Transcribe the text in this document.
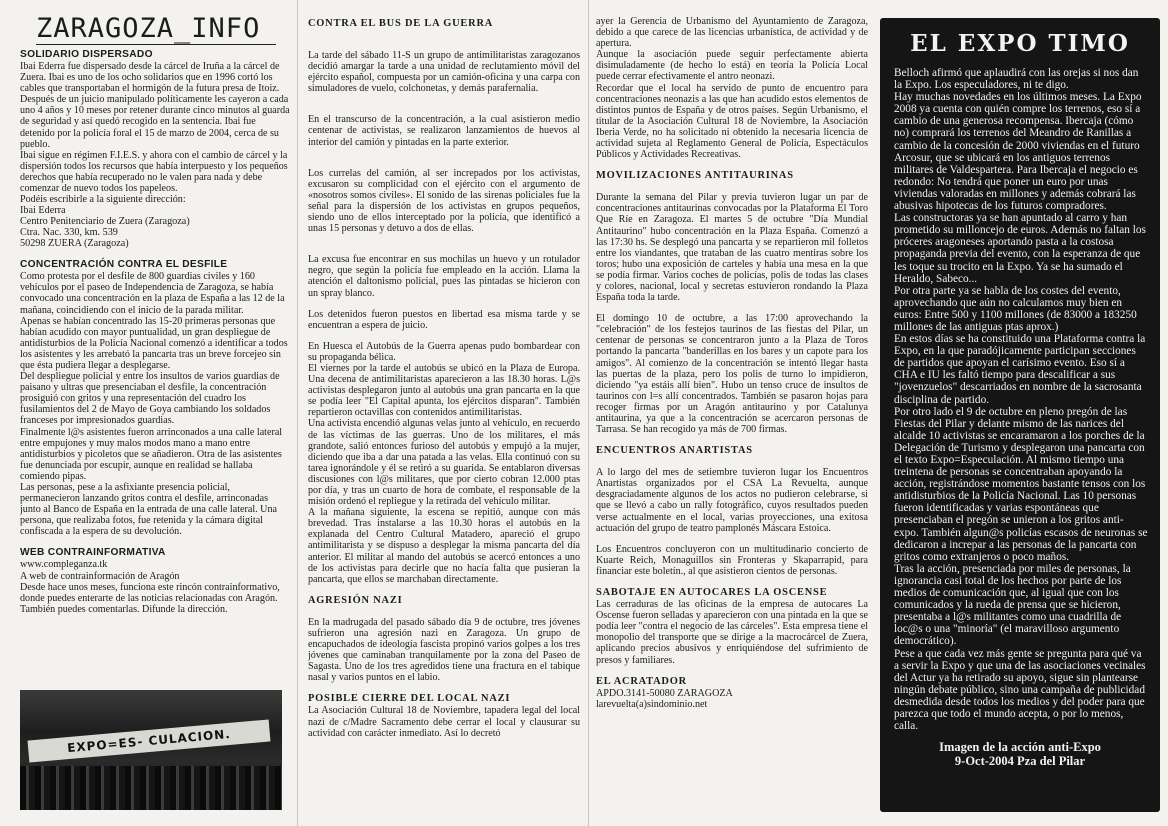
ZARAGOZA_INFO

SOLIDARIO DISPERSADO

Ibai Ederra fue dispersado desde la cárcel de Iruña a la cárcel de Zuera. Ibai es uno de los ocho solidarios que en 1996 cortó los cables que transportaban el hormigón de la futura presa de Itoiz.

Después de un juicio manipulado políticamente les cayeron a cada uno 4 años y 10 meses por retener durante cinco minutos al guarda de seguridad y así quedó recogido en la sentencia. Ibai fue detenido por la policía foral el 15 de marzo de 2004, cerca de su pueblo.

Ibai sigue en régimen F.I.E.S. y ahora con el cambio de cárcel y la dispersión todos los recursos que había interpuesto y los pequeños derechos que había recuperado no le valen para nada y debe comenzar de nuevo todos los papeleos.

Podéis escribirle a la siguiente dirección:

Ibai Ederra

Centro Penitenciario de Zuera (Zaragoza)

Ctra. Nac. 330, km. 539

50298 ZUERA (Zaragoza)

CONCENTRACIÓN CONTRA EL DESFILE

Como protesta por el desfile de 800 guardias civiles y 160 vehículos por el paseo de Independencia de Zaragoza, se había convocado una concentración en la plaza de España a las 12 de la mañana, coincidiendo con el inicio de la parada militar.

Apenas se habían concentrado las 15-20 primeras personas que habían acudido con mayor puntualidad, un gran despliegue de antidisturbios de la Policía Nacional comenzó a identificar a todos los asistentes y les arrebató la pancarta tras un breve forcejeo sin que ésta pudiera llegar a desplegarse.

Del despliegue policial y entre los insultos de varios guardias de paisano y ultras que presenciaban el desfile, la concentración prosiguió con gritos y una representación del cuadro los fusilamientos del 2 de Mayo de Goya cambiando los soldados franceses por impresionados guardias.

Finalmente l@s asistentes fueron arrinconados a una calle lateral entre empujones y muy malos modos mano a mano entre antidisturbios y picoletos que se añadieron. Otra de las asistentes fue denunciada por escupir, aunque en realidad se hallaba comiendo pipas.

Las personas, pese a la asfixiante presencia policial, permanecieron lanzando gritos contra el desfile, arrinconadas junto al Banco de España en la entrada de una calle lateral. Una persona, que realizaba fotos, fue retenida y la cámara digital confiscada a la espera de su devolución.

WEB CONTRAINFORMATIVA

www.compleganza.tk

A web de contrainformación de Aragón

Desde hace unos meses, funciona este rincón contrainformativo, donde puedes enterarte de las noticias relacionadas con Aragón. También puedes comentarlas. Difunde la dirección.

EXPO=ES- CULACION.

CONTRA EL BUS DE LA GUERRA

La tarde del sábado 11-S un grupo de antimilitaristas zaragozanos decidió amargar la tarde a una unidad de reclutamiento móvil del ejército español, compuesta por un camión-oficina y una carpa con simuladores de vuelo, colchonetas, y demás parafernalia.

En el transcurso de la concentración, a la cual asistieron medio centenar de activistas, se realizaron lanzamientos de huevos al interior del camión y pintadas en la parte exterior.

Los currelas del camión, al ser increpados por los activistas, excusaron su complicidad con el ejército con el argumento de «nosotros somos civiles». El sonido de las sirenas policiales fue la señal para la dispersión de los activistas en grupos pequeños, siendo uno de ellos interceptado por la policía, que identificó a unas 15 personas y detuvo a dos de ellas.

La excusa fue encontrar en sus mochilas un huevo y un rotulador negro, que según la policía fue empleado en la acción. Llama la atención el daltonismo policial, pues las pintadas se hicieron con un spray blanco.

Los detenidos fueron puestos en libertad esa misma tarde y se encuentran a espera de juicio.

En Huesca el Autobús de la Guerra apenas pudo bombardear con su propaganda bélica.

El viernes por la tarde el autobús se ubicó en la Plaza de Europa. Una decena de antimilitaristas aparecieron a las 18.30 horas. L@s activistas desplegaron junto al autobús una gran pancarta en la que se podía leer "El Capital apunta, los ejércitos disparan". También repartieron octavillas con contenidos antimilitaristas.

Una activista encendió algunas velas junto al vehículo, en recuerdo de las víctimas de las guerras. Uno de los militares, el más grandote, salió entonces furioso del autobús y empujó a la mujer, diciendo que iba a dar una patada a las velas. Ella continuó con su tarea ignorándole y él se retiró a su guarida. Se entablaron diversas discusiones con l@s militares, que por cierto cobran 12.000 ptas por día, y tras un cuarto de hora de combate, el responsable de la misión ordenó el repliegue y la retirada del vehículo militar.

A la mañana siguiente, la escena se repitió, aunque con más brevedad. Tras instalarse a las 10.30 horas el autobús en la explanada del Centro Cultural Matadero, apareció el grupo antimilitarista y se dispuso a desplegar la misma pancarta del día anterior. El militar al mando del autobús se acercó entonces a uno de los activistas para decirle que no hacía falta que pusieran la pancarta, que ellos se marchaban directamente.

AGRESIÓN NAZI

En la madrugada del pasado sábado día 9 de octubre, tres jóvenes sufrieron una agresión nazi en Zaragoza. Un grupo de encapuchados de ideología fascista propinó varios golpes a los tres jóvenes que caminaban tranquilamente por la zona del Paseo de Sagasta. Uno de los tres agredidos tiene una fractura en el tabique nasal y varios puntos en el labio.

POSIBLE CIERRE DEL LOCAL NAZI

La Asociación Cultural 18 de Noviembre, tapadera legal del local nazi de c/Madre Sacramento debe cerrar el local y clausurar su actividad con carácter inmediato. Así lo decretó

ayer la Gerencia de Urbanismo del Ayuntamiento de Zaragoza, debido a que carece de las licencias urbanística, de actividad y de apertura.

Aunque la asociación puede seguir perfectamente abierta disimuladamente (de hecho lo está) en teoría la Policía Local puede cerrar efectivamente el antro neonazi.

Recordar que el local ha servido de punto de encuentro para concentraciones neonazis a las que han acudido estos elementos de distintos puntos de España y de otros países. Según Urbanismo, el titular de la Asociación Cultural 18 de Noviembre, la Asociación Iberia Verde, no ha solicitado ni obtenido la necesaria licencia de actividad sujeta al Reglamento General de Policía, Espectáculos Públicos y Actividades Recreativas.

MOVILIZACIONES ANTITAURINAS

Durante la semana del Pilar y previa tuvieron lugar un par de concentraciones antitaurinas convocadas por la Plataforma El Toro Que Ríe en Zaragoza. El martes 5 de octubre "Día Mundial Antitaurino" hubo concentración en la Plaza España. Comenzó a las 17:30 hs. Se desplegó una pancarta y se repartieron mil folletos entre los viandantes, que trataban de las cuatro mentiras sobre los toros; hubo una exposición de carteles y había una mesa en la que se podía firmar. Varios coches de policías, polis de todas las clases y colores, nacional, local y secretas estuvieron rondando la Plaza España toda la tarde.

El domingo 10 de octubre, a las 17:00 aprovechando la "celebración" de los festejos taurinos de las fiestas del Pilar, un centenar de personas se concentraron junto a la Plaza de Toros portando la pancarta "banderillas en los bares y un capote para los amigos". Al comienzo de la concentración se intentó llegar hasta las puertas de la plaza, pero los polis de turno lo impidieron, diciendo "ya estáis allí bien". Hubo un tenso cruce de insultos de taurinos con l=s allí concentrados. También se pasaron hojas para recoger firmas por un Aragón antitaurino y por Catalunya antitaurina, ya que a la concentración se acercaron personas de Tarrasa. Se han recogido ya más de 700 firmas.

ENCUENTROS ANARTISTAS

A lo largo del mes de setiembre tuvieron lugar los Encuentros Anartistas organizados por el CSA La Revuelta, aunque desgraciadamente algunos de los actos no pudieron celebrarse, si que se llevó a cabo un rally fotográfico, cuyos resultados pueden verse actualmente en el local, varias proyecciones, una exitosa actuación del grupo de teatro pamplonés Máscara Estoica.

Los Encuentros concluyeron con un multitudinario concierto de Kuarte Reich, Monaguillos sin Fronteras y Skaparrapid, para financiar este boletín., al que asistieron cientos de personas.

SABOTAJE EN AUTOCARES LA OSCENSE

Las cerraduras de las oficinas de la empresa de autocares La Oscense fueron selladas y aparecieron con una pintada en la que se podía leer "contra el negocio de las cárceles". Esta empresa tiene el monopolio del transporte que se dirige a la macrocárcel de Zuera, aplicando precios abusivos y enriquiéndose del sufrimiento de presos y familiares.

EL ACRATADOR

APDO.3141-50080 ZARAGOZA

larevuelta(a)sindominio.net

EL EXPO TIMO

Belloch afirmó que aplaudirá con las orejas si nos dan la Expo. Los especuladores, ni te digo.

Hay muchas novedades en los últimos meses. La Expo 2008 ya cuenta con quién compre los terrenos, eso sí a cambio de una generosa recompensa. Ibercaja (cómo no) comprará los terrenos del Meandro de Ranillas a cambio de la concesión de 2000 viviendas en el futuro Arcosur, que se ubicará en los antiguos terrenos militares de Valdespartera. Para Ibercaja el negocio es redondo: No tendrá que poner un euro por unas viviendas valoradas en millones y además cobrará las abusivas hipotecas de los futuros compradores.

Las constructoras ya se han apuntado al carro y han prometido su milloncejo de euros. Además no faltan los próceres aragoneses aportando pasta a la costosa propaganda previa del evento, con la esperanza de que les toque su trocito en la Expo. Ya se ha sumado el Heraldo, Sabeco...

Por otra parte ya se habla de los costes del evento, aprovechando que aún no calculamos muy bien en euros: Entre 500 y 1100 millones (de 83000 a 183250 millones de las antiguas ptas aprox.)

En estos días se ha constituido una Plataforma contra la Expo, en la que paradójicamente participan secciones de partidos que apoyan el carísimo evento. Eso sí a CHA e IU les faltó tiempo para descalificar a sus "jovenzuelos" descarriados en nombre de la sacrosanta disciplina de partido.

Por otro lado el 9 de octubre en pleno pregón de las Fiestas del Pilar y delante mismo de las narices del alcalde 10 activistas se encaramaron a los porches de la Delegación de Turismo y desplegaron una pancarta con el texto Expo=Especulación. Al mismo tiempo una treintena de personas se concentraban apoyando la acción, registrándose momentos bastante tensos con los antidisturbios de la Policía Nacional. Las 10 personas fueron identificadas y varias espontáneas que presenciaban el pregón se unieron a los gritos anti-expo. También algun@s policías escasos de neuronas se dedicaron a increpar a las personas de la pancarta con gritos como extranjeros o poco maños.

Tras la acción, presenciada por miles de personas, la ignorancia casi total de los hechos por parte de los medios de comunicación que, al igual que con los comunicados y la rueda de prensa que se hicieron, presentaba a l@s militantes como una cuadrilla de loc@s o una "minoría" (el maravilloso argumento democrático).

Pese a que cada vez más gente se pregunta para qué va a servir la Expo y que una de las asociaciones vecinales del Actur ya ha retirado su apoyo, sigue sin plantearse ningún debate público, sino una campaña de publicidad desmedida desde todos los medios y del poder para que parezca que todo el mundo acepta, o por lo menos, calla.

Imagen de la acción anti-Expo

9-Oct-2004 Pza del Pilar
